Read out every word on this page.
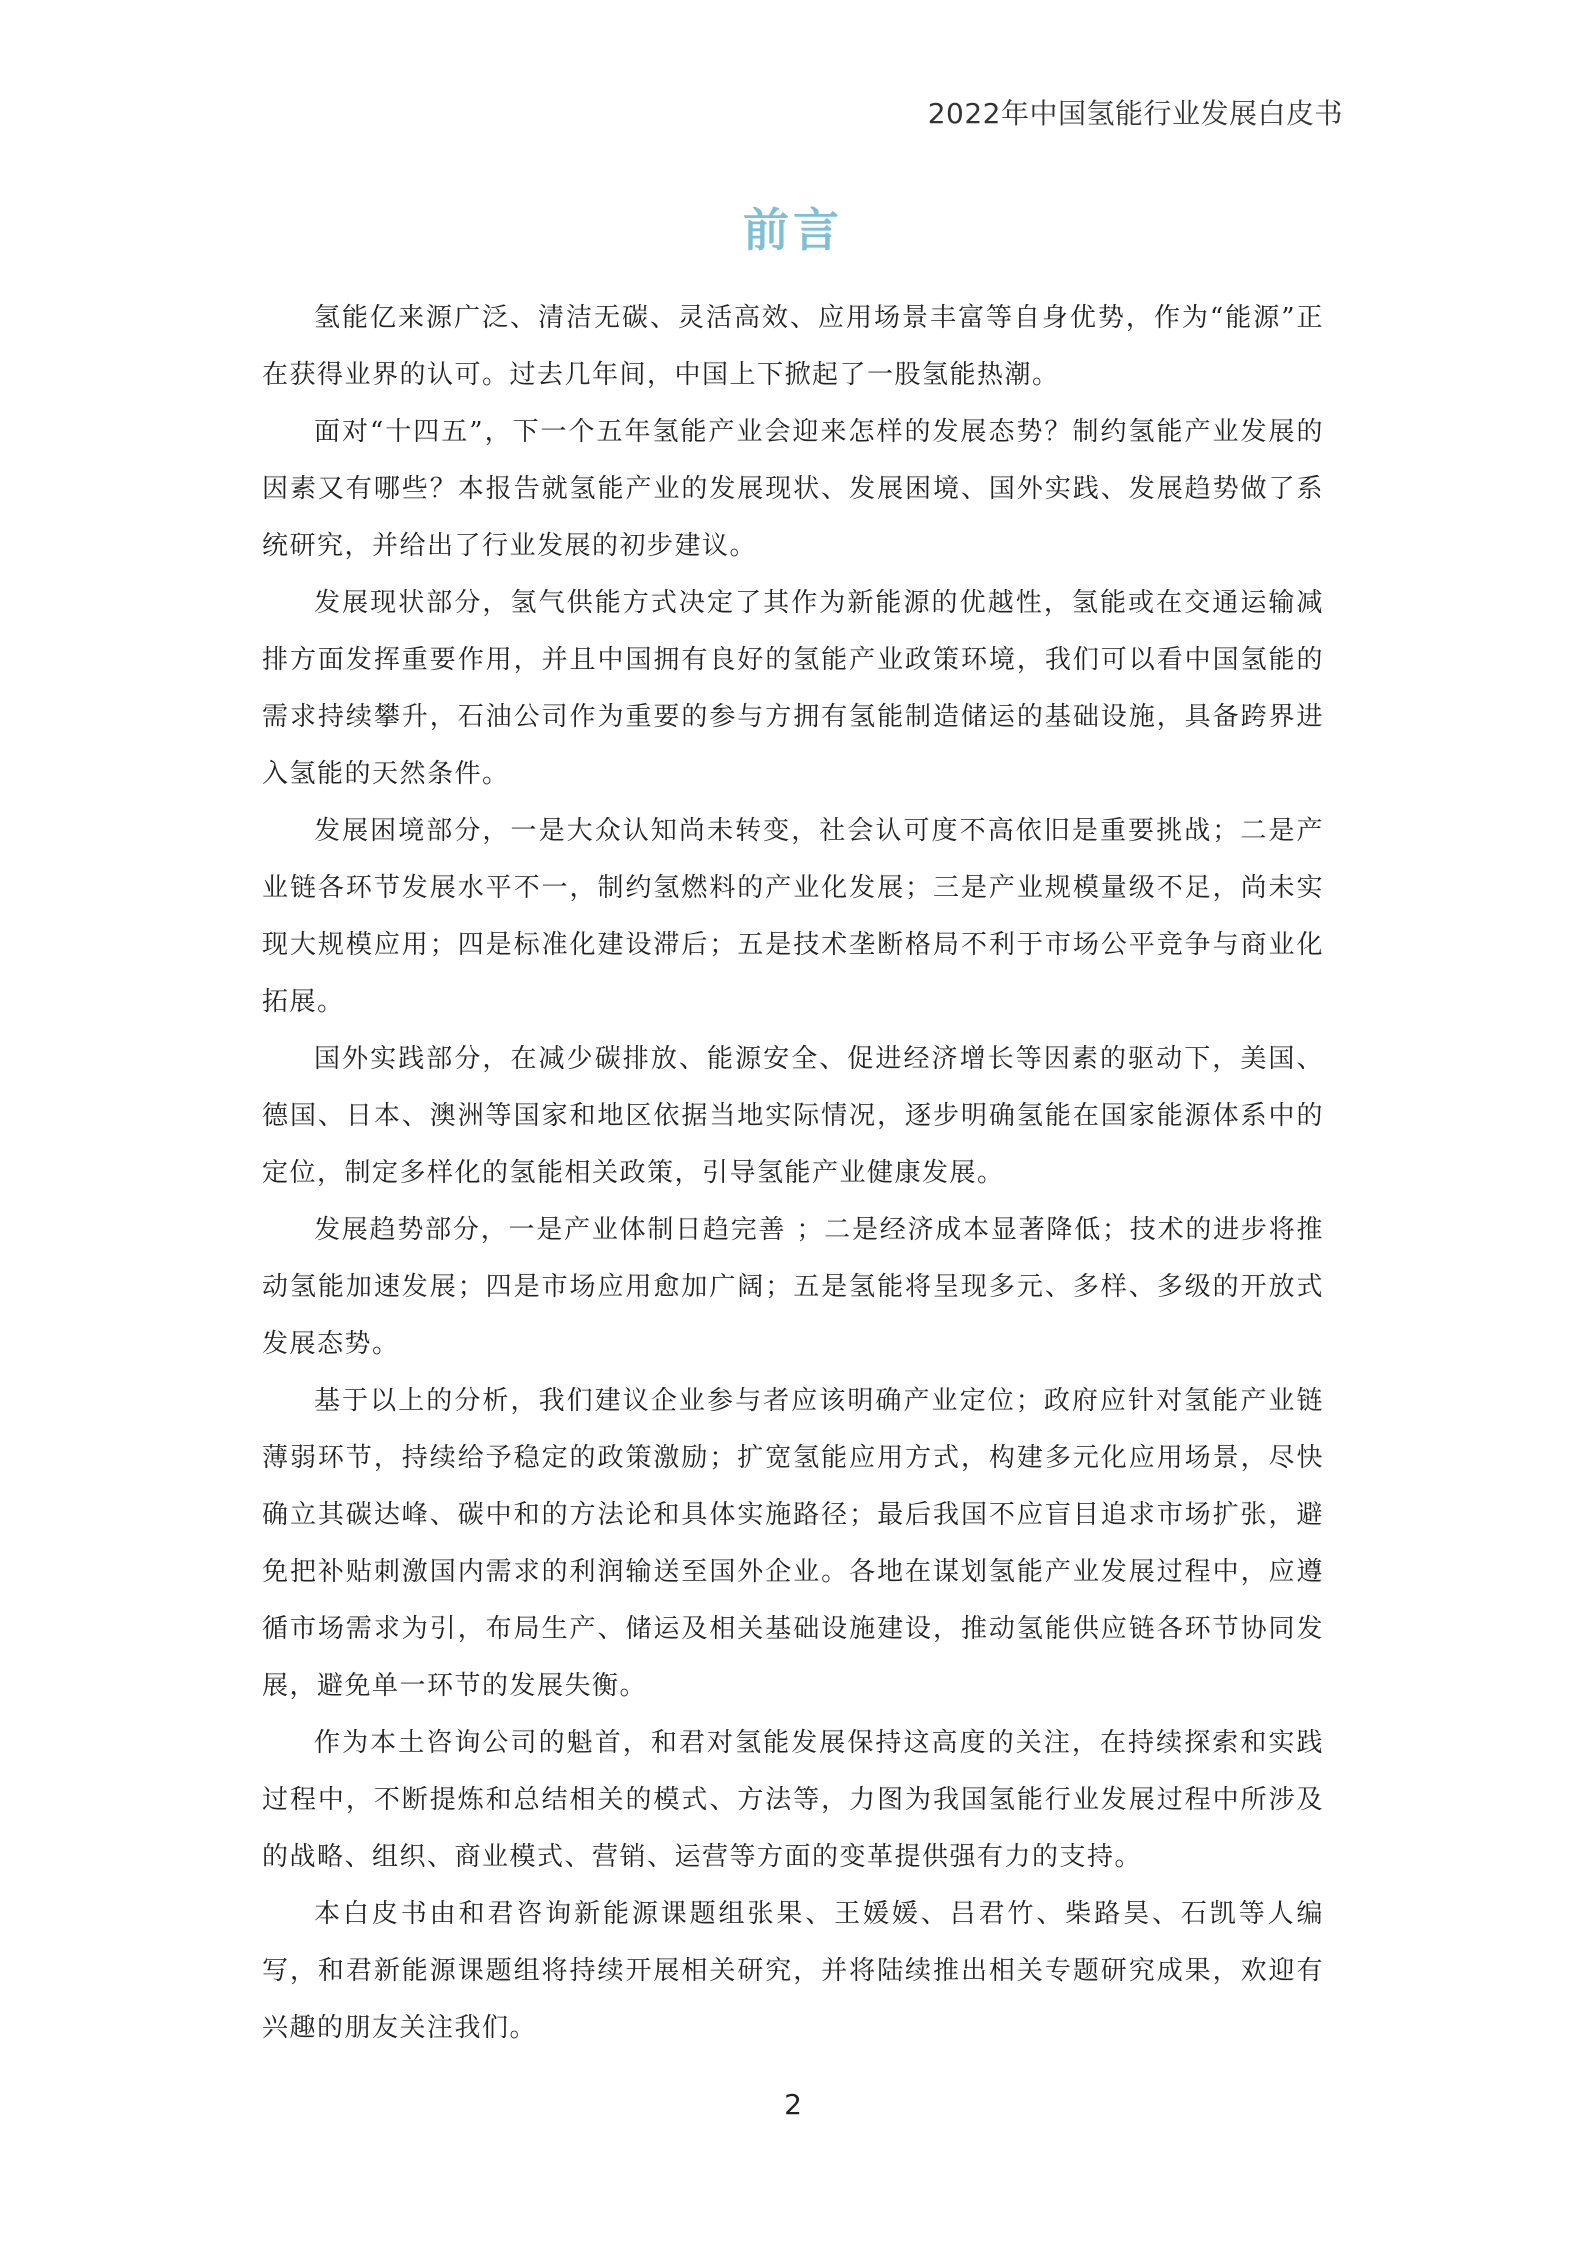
2022年中国氢能行业发展白皮书
前言

氢能亿来源广泛、清洁无碳、灵活高效、应用场景丰富等自身优势，作为“能源”正在获得业界的认可。过去几年间，中国上下掀起了一股氢能热潮。

面对“十四五”，下一个五年氢能产业会迎来怎样的发展态势？制约氢能产业发展的因素又有哪些？本报告就氢能产业的发展现状、发展困境、国外实践、发展趋势做了系统研究，并给出了行业发展的初步建议。

发展现状部分，氢气供能方式决定了其作为新能源的优越性，氢能或在交通运输减排方面发挥重要作用，并且中国拥有良好的氢能产业政策环境，我们可以看中国氢能的需求持续攀升，石油公司作为重要的参与方拥有氢能制造储运的基础设施，具备跨界进入氢能的天然条件。

发展困境部分，一是大众认知尚未转变，社会认可度不高依旧是重要挑战；二是产业链各环节发展水平不一，制约氢燃料的产业化发展；三是产业规模量级不足，尚未实现大规模应用；四是标准化建设滞后；五是技术垄断格局不利于市场公平竞争与商业化拓展。

国外实践部分，在减少碳排放、能源安全、促进经济增长等因素的驱动下，美国、德国、日本、澳洲等国家和地区依据当地实际情况，逐步明确氢能在国家能源体系中的定位，制定多样化的氢能相关政策，引导氢能产业健康发展。

发展趋势部分，一是产业体制日趋完善 ；二是经济成本显著降低；技术的进步将推动氢能加速发展；四是市场应用愈加广阔；五是氢能将呈现多元、多样、多级的开放式发展态势。

基于以上的分析，我们建议企业参与者应该明确产业定位；政府应针对氢能产业链薄弱环节，持续给予稳定的政策激励；扩宽氢能应用方式，构建多元化应用场景，尽快确立其碳达峰、碳中和的方法论和具体实施路径；最后我国不应盲目追求市场扩张，避免把补贴刺激国内需求的利润输送至国外企业。各地在谋划氢能产业发展过程中，应遵循市场需求为引，布局生产、储运及相关基础设施建设，推动氢能供应链各环节协同发展，避免单一环节的发展失衡。

作为本土咨询公司的魁首，和君对氢能发展保持这高度的关注，在持续探索和实践过程中，不断提炼和总结相关的模式、方法等，力图为我国氢能行业发展过程中所涉及的战略、组织、商业模式、营销、运营等方面的变革提供强有力的支持。

本白皮书由和君咨询新能源课题组张果、王媛媛、吕君竹、柴路昊、石凯等人编写，和君新能源课题组将持续开展相关研究，并将陆续推出相关专题研究成果，欢迎有兴趣的朋友关注我们。

2
